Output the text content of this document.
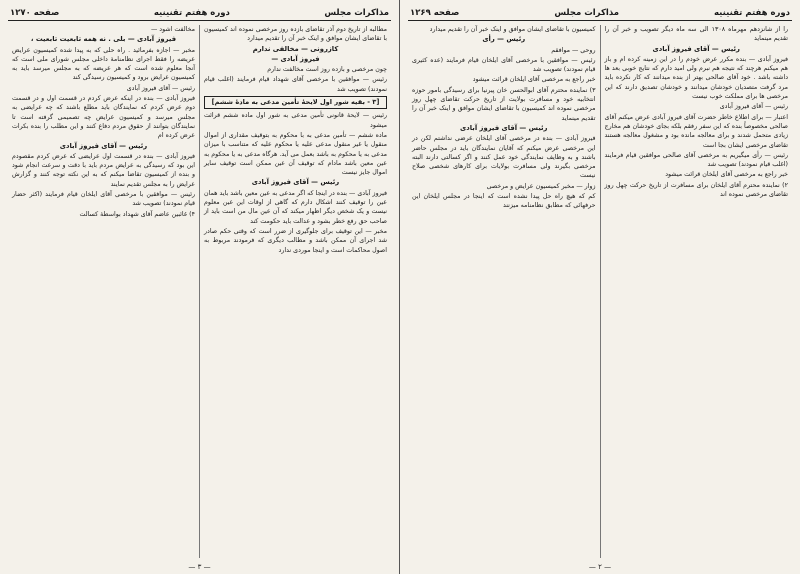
مذاکرات مجلس
دوره هفتم تقنینیه
صفحه ۱۲۷۰

مطالبه از تاریخ دوم آذر تقاضای بازده روز مرخصی نموده اند کمیسیون با تقاضای ایشان موافق و اینک خبر آن را تقدیم میدارد

کازرونی — مخالفی ندارم

فیروز آبادی —

چون مرخصی و بازده روز است مخالفت ندارم

رئیس — موافقین با مرخصی آقای شهداد قیام فرمایند (اغلب قیام نمودند) تصویب شد

[۳ - بقیه شور اول لایحهٔ تأمین مدعی به مادهٔ ششم]

رئیس — لایحهٔ قانونی تأمین مدعی به شور اول ماده ششم قرائت میشود

ماده ششم — تأمین مدعی به با محکوم به بتوقیف مقداری از اموال منقول یا غیر منقول مدعی علیه یا محکوم علیه که متناسب با میزان مدعی به یا محکوم به باشد بعمل می آید. هرگاه مدعی به یا محکوم به عین معین باشد مادام که توقیف آن عین ممکن است توقیف سایر اموال جایز نیست

رئیس — آقای فیروز آبادی

فیروز آبادی — بنده در اینجا که اگر مدعی به عین معین باشد باید همان عین را توقیف کنند اشکال دارم که گاهی از اوقات این عین معلوم نیست و یک شخص دیگر اظهار میکند که آن عین مال من است باید از صاحب حق رفع خطر بشود و عدالت باید حکومت کند

مخبر — این توقیف برای جلوگیری از ضرر است که وقتی حکم صادر شد اجرای آن ممکن باشد و مطالب دیگری که فرمودند مربوط به اصول محاکمات است و اینجا موردی ندارد

مخالفت اشود —

فیروز آبادی — بلی . نه همه تابعیت تابعیت ،

مخبر — اجازه بفرمائید . راه حلی که به پیدا شده کمیسیون عرایض عریضه را فقط اجرای نظامنامهٔ داخلی مجلس شورای ملی است که آنجا معلوم شده است که هر عریضه که به مجلس میرسد باید به کمیسیون عرایض برود و کمیسیون رسیدگی کند

رئیس — آقای فیروز آبادی

فیروز آبادی — بنده در اینکه عرض کردم در قسمت اول و در قسمت دوم عرض کردم که نمایندگان باید مطلع باشند که چه عرایضی به مجلس میرسد و کمیسیون عرایض چه تصمیمی گرفته است تا نمایندگان بتوانند از حقوق مردم دفاع کنند و این مطلب را بنده بکرات عرض کرده ام

رئیس — آقای فیروز آبادی

فیروز آبادی — بنده در قسمت اول عرایضی که عرض کردم مقصودم این بود که رسیدگی به عرایض مردم باید با دقت و سرعت انجام شود و بنده از کمیسیون تقاضا میکنم که به این نکته توجه کنند و گزارش عرایض را به مجلس تقدیم نمایند

رئیس — موافقین با مرخصی آقای ایلخان قیام فرمایند (اکثر حضار قیام نمودند) تصویب شد

۴) غائبین عاضم آقای شهداد بواسطهٔ کسالت

— ۳ —
دوره هفتم تقنینیه
مذاکرات مجلس
صفحه ۱۲۶۹

را از شانزدهم مهرماه ۱۳۰۸ الی سه ماه دیگر تصویب و خبر آن را تقدیم مینماید

رئیس — آقای فیروز آبادی

فیروز آبادی — بنده مکرر عرض خودم را در این زمینه کرده ام و باز هم میکنم هرچند که نتیجه هم نبرم ولی امید دارم که نتایج خوبی بعد ها داشته باشد . خود آقای صالحی بهتر از بنده میدانند که کار نکرده باید مرد گرفت متصدیان خودشان میدانند و خودشان تصدیق دارند که این مرخصی ها برای مملکت خوب نیست

رئیس — آقای فیروز آبادی

اعتبار — برای اطلاع خاطر حضرت آقای فیروز آبادی عرض میکنم آقای صالحی مخصوصاً بنده که این سفر رفقم بلکه بجای خودشان هم مخارج زیادی متحمل شدند و برای معالجه مانده بود و مشغول معالجه هستند تقاضای مرخصی ایشان بجا است

رئیس — رأی میگیریم به مرخصی آقای صالحی موافقین قیام فرمایند (اغلب قیام نمودند) تصویب شد

خبر راجع به مرخصی آقای ایلخان قرائت میشود

۲) نماینده محترم آقای ایلخان برای مسافرت از تاریخ حرکت چهل روز تقاضای مرخصی نموده اند

کمیسیون با تقاضای ایشان موافق و اینک خبر آن را تقدیم میدارد

رئیس — رأی

روحی — موافقم

رئیس — موافقین با مرخصی آقای ایلخان قیام فرمایند (عده کثیری قیام نمودند) تصویب شد

خبر راجع به مرخصی آقای ایلخان قرائت میشود

۳) نماینده محترم آقای ابوالحسن خان پیرنیا برای رسیدگی بامور حوزه انتخابیه خود و مسافرت بولایت از تاریخ حرکت تقاضای چهل روز مرخصی نموده اند کمیسیون با تقاضای ایشان موافق و اینک خبر آن را تقدیم مینماید

رئیس — آقای فیروز آبادی

فیروز آبادی — بنده در مرخصی آقای ایلخان عرضی نداشتم لکن در این مرخصی عرض میکنم که آقایان نمایندگان باید در مجلس حاضر باشند و به وظایف نمایندگی خود عمل کنند و اگر کسالتی دارند البته مرخصی بگیرند ولی مسافرت بولایات برای کارهای شخصی صلاح نیست

زوار — مخبر کمیسیون عرایض و مرخصی

کم که هیچ راه حل پیدا نشده است که اینجا در مجلس ایلخان این حرفهائی که مطابق نظامنامه میزنند

— ۲ —
